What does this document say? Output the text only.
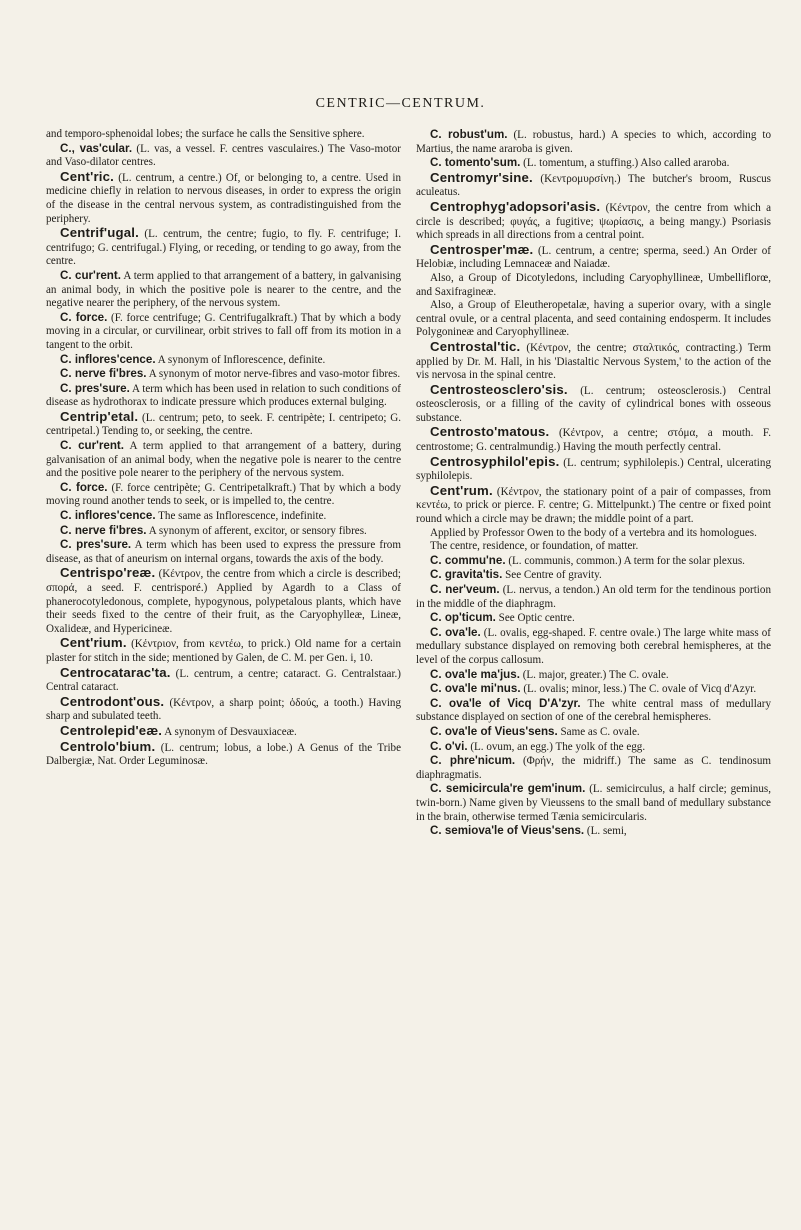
CENTRIC—CENTRUM.

and temporo-sphenoidal lobes; the surface he calls the Sensitive sphere.

C., vas'cular. (L. vas, a vessel. F. centres vasculaires.) The Vaso-motor and Vaso-dilator centres.

Cent'ric. (L. centrum, a centre.) Of, or belonging to, a centre. Used in medicine chiefly in relation to nervous diseases, in order to express the origin of the disease in the central nervous system, as contradistinguished from the periphery.

Centrif'ugal. (L. centrum, the centre; fugio, to fly. F. centrifuge; I. centrifugo; G. centrifugal.) Flying, or receding, or tending to go away, from the centre.

C. cur'rent. A term applied to that arrangement of a battery, in galvanising an animal body, in which the positive pole is nearer to the centre, and the negative nearer the periphery, of the nervous system.

C. force. (F. force centrifuge; G. Centrifugalkraft.) That by which a body moving in a circular, or curvilinear, orbit strives to fall off from its motion in a tangent to the orbit.

C. inflores'cence. A synonym of Inflorescence, definite.

C. nerve fi'bres. A synonym of motor nerve-fibres and vaso-motor fibres.

C. pres'sure. A term which has been used in relation to such conditions of disease as hydrothorax to indicate pressure which produces external bulging.

Centrip'etal. (L. centrum; peto, to seek. F. centripète; I. centripeto; G. centripetal.) Tending to, or seeking, the centre.

C. cur'rent. A term applied to that arrangement of a battery, during galvanisation of an animal body, when the negative pole is nearer to the centre and the positive pole nearer to the periphery of the nervous system.

C. force. (F. force centripète; G. Centripetalkraft.) That by which a body moving round another tends to seek, or is impelled to, the centre.

C. inflores'cence. The same as Inflorescence, indefinite.

C. nerve fi'bres. A synonym of afferent, excitor, or sensory fibres.

C. pres'sure. A term which has been used to express the pressure from disease, as that of aneurism on internal organs, towards the axis of the body.

Centrispo'reæ. (Κέντρον, the centre from which a circle is described; σπορά, a seed. F. centrisporé.) Applied by Agardh to a Class of phanerocotyledonous, complete, hypogynous, polypetalous plants, which have their seeds fixed to the centre of their fruit, as the Caryophylleæ, Lineæ, Oxalideæ, and Hypericineæ.

Cent'rium. (Κέντριον, from κεντέω, to prick.) Old name for a certain plaster for stitch in the side; mentioned by Galen, de C. M. per Gen. i, 10.

Centrocatarac'ta. (L. centrum, a centre; cataract. G. Centralstaar.) Central cataract.

Centrodont'ous. (Κέντρον, a sharp point; ὀδούς, a tooth.) Having sharp and subulated teeth.

Centrolepid'eæ. A synonym of Desvauxiaceæ.

Centrolo'bium. (L. centrum; lobus, a lobe.) A Genus of the Tribe Dalbergiæ, Nat. Order Leguminosæ.

C. robust'um. (L. robustus, hard.) A species to which, according to Martius, the name araroba is given.

C. tomento'sum. (L. tomentum, a stuffing.) Also called araroba.

Centromyr'sine. (Κεντρομυρσίνη.) The butcher's broom, Ruscus aculeatus.

Centrophyg'adopsori'asis. (Κέντρον, the centre from which a circle is described; φυγάς, a fugitive; ψωρίασις, a being mangy.) Psoriasis which spreads in all directions from a central point.

Centrosper'mæ. (L. centrum, a centre; sperma, seed.) An Order of Helobiæ, including Lemnaceæ and Naiadæ.

Also, a Group of Dicotyledons, including Caryophyllineæ, Umbelliflorœ, and Saxifragineæ.

Also, a Group of Eleutheropetalæ, having a superior ovary, with a single central ovule, or a central placenta, and seed containing endosperm. It includes Polygonineæ and Caryophyllineæ.

Centrostal'tic. (Κέντρον, the centre; σταλτικός, contracting.) Term applied by Dr. M. Hall, in his 'Diastaltic Nervous System,' to the action of the vis nervosa in the spinal centre.

Centrosteosclero'sis. (L. centrum; osteosclerosis.) Central osteosclerosis, or a filling of the cavity of cylindrical bones with osseous substance.

Centrosto'matous. (Κέντρον, a centre; στόμα, a mouth. F. centrostome; G. centralmundig.) Having the mouth perfectly central.

Centrosyphilol'epis. (L. centrum; syphilolepis.) Central, ulcerating syphilolepis.

Cent'rum. (Κέντρον, the stationary point of a pair of compasses, from κεντέω, to prick or pierce. F. centre; G. Mittelpunkt.) The centre or fixed point round which a circle may be drawn; the middle point of a part.

Applied by Professor Owen to the body of a vertebra and its homologues.

The centre, residence, or foundation, of matter.

C. commu'ne. (L. communis, common.) A term for the solar plexus.

C. gravita'tis. See Centre of gravity.

C. ner'veum. (L. nervus, a tendon.) An old term for the tendinous portion in the middle of the diaphragm.

C. op'ticum. See Optic centre.

C. ova'le. (L. ovalis, egg-shaped. F. centre ovale.) The large white mass of medullary substance displayed on removing both cerebral hemispheres, at the level of the corpus callosum.

C. ova'le ma'jus. (L. major, greater.) The C. ovale.

C. ova'le mi'nus. (L. ovalis; minor, less.) The C. ovale of Vicq d'Azyr.

C. ova'le of Vicq D'A'zyr. The white central mass of medullary substance displayed on section of one of the cerebral hemispheres.

C. ova'le of Vieus'sens. Same as C. ovale.

C. o'vi. (L. ovum, an egg.) The yolk of the egg.

C. phre'nicum. (Φρήν, the midriff.) The same as C. tendinosum diaphragmatis.

C. semicircula're gem'inum. (L. semicirculus, a half circle; geminus, twin-born.) Name given by Vieussens to the small band of medullary substance in the brain, otherwise termed Tænia semicircularis.

C. semiova'le of Vieus'sens. (L. semi,
